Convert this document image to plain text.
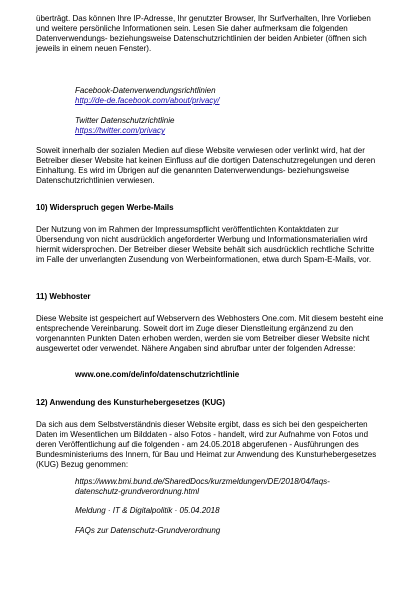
überträgt. Das können Ihre IP-Adresse, Ihr genutzter Browser, Ihr Surfverhalten, Ihre Vorlieben und weitere persönliche Informationen sein. Lesen Sie daher aufmerksam die folgenden Datenverwendungs- beziehungsweise Datenschutzrichtlinien der beiden Anbieter (öffnen sich jeweils in einem neuen Fenster).

Facebook-Datenverwendungsrichtlinien

http://de-de.facebook.com/about/privacy/

Twitter Datenschutzrichtlinie

https://twitter.com/privacy

Soweit innerhalb der sozialen Medien auf diese Website verwiesen oder verlinkt wird, hat der Betreiber dieser Website hat keinen Einfluss auf die dortigen Datenschutzregelungen und deren Einhaltung. Es wird im Übrigen auf die genannten Datenverwendungs- beziehungsweise Datenschutzrichtlinien verwiesen.

10) Widerspruch gegen Werbe-Mails

Der Nutzung von im Rahmen der Impressumspflicht veröffentlichten Kontaktdaten zur Übersendung von nicht ausdrücklich angeforderter Werbung und Informationsmaterialien wird hiermit widersprochen. Der Betreiber dieser Website behält sich ausdrücklich rechtliche Schritte im Falle der unverlangten Zusendung von Werbeinformationen, etwa durch Spam-E-Mails, vor.

11) Webhoster

Diese Website ist gespeichert auf Webservern des Webhosters One.com. Mit diesem besteht eine entsprechende Vereinbarung. Soweit dort im Zuge dieser Dienstleitung ergänzend zu den vorgenannten Punkten Daten erhoben werden, werden sie vom Betreiber dieser Website nicht ausgewertet oder verwendet. Nähere Angaben sind abrufbar unter der folgenden Adresse:

www.one.com/de/info/datenschutzrichtlinie

12) Anwendung des Kunsturhebergesetzes (KUG)

Da sich aus dem Selbstverständnis dieser Website ergibt, dass es sich bei den gespeicherten Daten im Wesentlichen um Bilddaten - also Fotos - handelt, wird zur Aufnahme von Fotos und deren Veröffentlichung auf die folgenden - am 24.05.2018 abgerufenen - Ausführungen des Bundesministeriums des Innern, für Bau und Heimat zur Anwendung des Kunsturhebergesetzes (KUG) Bezug genommen:

https://www.bmi.bund.de/SharedDocs/kurzmeldungen/DE/2018/04/faqs-datenschutz-grundverordnung.html

Meldung · IT & Digitalpolitik · 05.04.2018

FAQs zur Datenschutz-Grundverordnung
